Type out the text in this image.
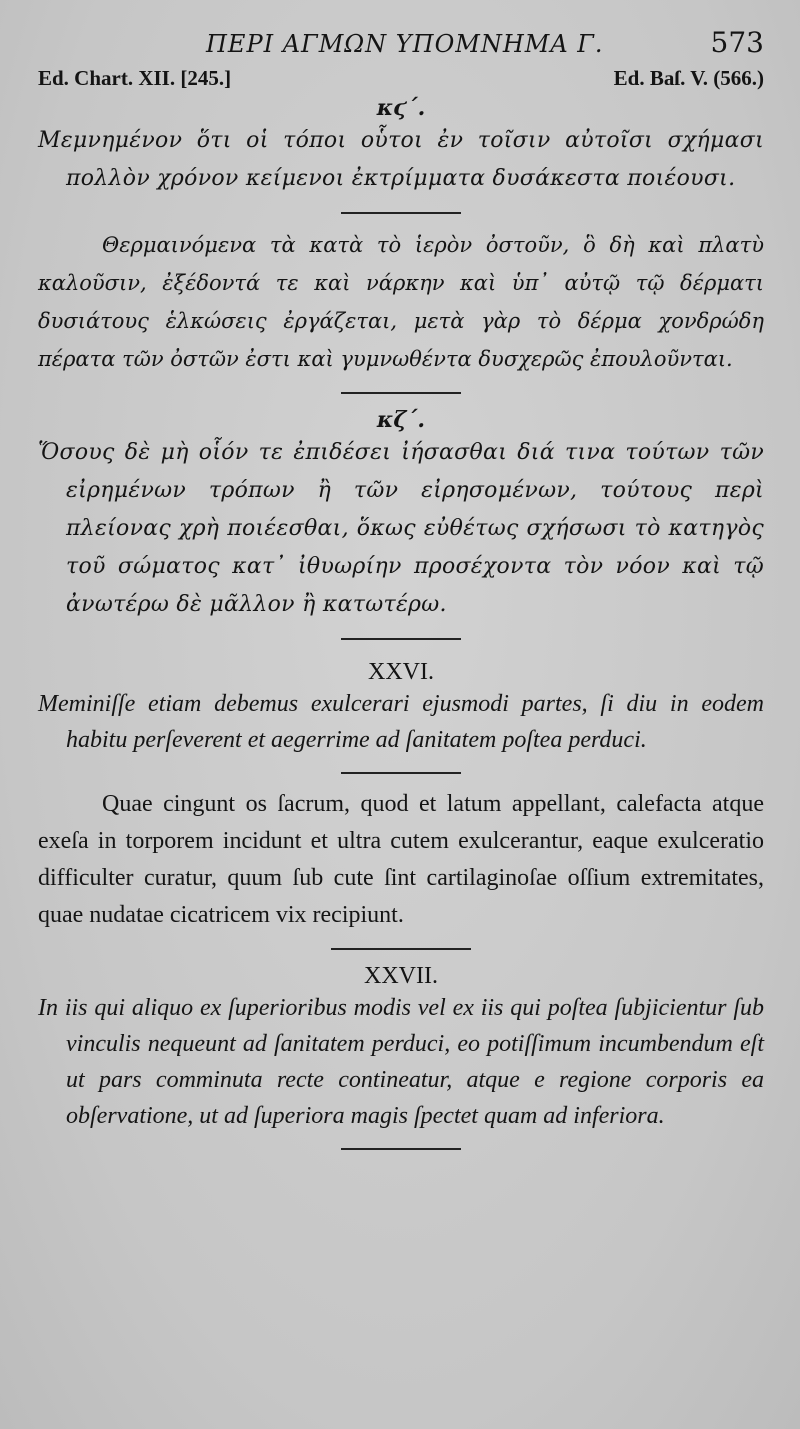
ΠΕΡΙ ΑΓΜΩΝ ΥΠΟΜΝΗΜΑ Γ.	573
Ed. Chart. XII. [245.]	Ed. Baſ. V. (566.)
κϛ΄.

Μεμνημένον ὅτι οἱ τόποι οὗτοι ἐν τοῖσιν αὐτοῖσι σχήμασι πολλὸν χρόνον κείμενοι ἐκτρίμματα δυσάκεστα ποιέουσι.

Θερμαινόμενα τὰ κατὰ τὸ ἱερὸν ὀστοῦν, ὃ δὴ καὶ πλατὺ καλοῦσιν, ἐξέδοντά τε καὶ νάρκην καὶ ὑπ᾽ αὐτῷ τῷ δέρματι δυσιάτους ἑλκώσεις ἐργάζεται, μετὰ γὰρ τὸ δέρμα χονδρώδη πέρατα τῶν ὀστῶν ἐστι καὶ γυμνωθέντα δυσχερῶς ἐπουλοῦνται.

κζ΄.

Ὅσους δὲ μὴ οἷόν τε ἐπιδέσει ἰήσασθαι διά τινα τούτων τῶν εἰρημένων τρόπων ἢ τῶν εἰρησομένων, τούτους περὶ πλείονας χρὴ ποιέεσθαι, ὅκως εὐθέτως σχήσωσι τὸ κατηγὸς τοῦ σώματος κατ᾽ ἰθυωρίην προσέχοντα τὸν νόον καὶ τῷ ἀνωτέρω δὲ μᾶλλον ἢ κατωτέρω.

XXVI.

Meminiſſe etiam debemus exulcerari ejusmodi partes, ſi diu in eodem habitu perſeverent et aegerrime ad ſanitatem poſtea perduci.

Quae cingunt os ſacrum, quod et latum appellant, calefacta atque exeſa in torporem incidunt et ultra cutem exulcerantur, eaque exulceratio difficulter curatur, quum ſub cute ſint cartilaginoſae oſſium extremitates, quae nudatae cicatricem vix recipiunt.

XXVII.

In iis qui aliquo ex ſuperioribus modis vel ex iis qui poſtea ſubjicientur ſub vinculis nequeunt ad ſanitatem perduci, eo potiſſimum incumbendum eſt ut pars comminuta recte contineatur, atque e regione corporis ea obſervatione, ut ad ſuperiora magis ſpectet quam ad inferiora.
